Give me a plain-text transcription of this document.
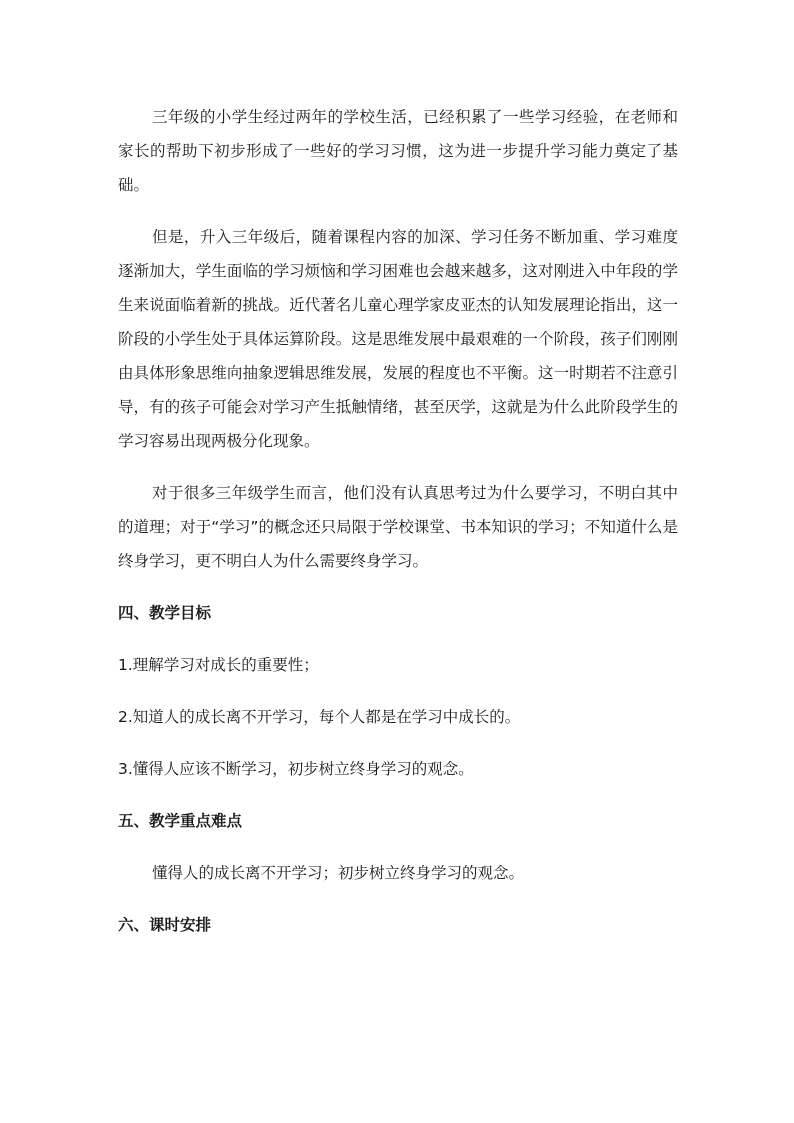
三年级的小学生经过两年的学校生活，已经积累了一些学习经验，在老师和家长的帮助下初步形成了一些好的学习习惯，这为进一步提升学习能力奠定了基础。

但是，升入三年级后，随着课程内容的加深、学习任务不断加重、学习难度逐渐加大，学生面临的学习烦恼和学习困难也会越来越多，这对刚进入中年段的学生来说面临着新的挑战。近代著名儿童心理学家皮亚杰的认知发展理论指出，这一阶段的小学生处于具体运算阶段。这是思维发展中最艰难的一个阶段，孩子们刚刚由具体形象思维向抽象逻辑思维发展，发展的程度也不平衡。这一时期若不注意引导，有的孩子可能会对学习产生抵触情绪，甚至厌学，这就是为什么此阶段学生的学习容易出现两极分化现象。

对于很多三年级学生而言，他们没有认真思考过为什么要学习，不明白其中的道理；对于“学习”的概念还只局限于学校课堂、书本知识的学习；不知道什么是终身学习，更不明白人为什么需要终身学习。

四、教学目标
1.理解学习对成长的重要性；
2.知道人的成长离不开学习，每个人都是在学习中成长的。
3.懂得人应该不断学习，初步树立终身学习的观念。
五、教学重点难点

懂得人的成长离不开学习；初步树立终身学习的观念。

六、课时安排
